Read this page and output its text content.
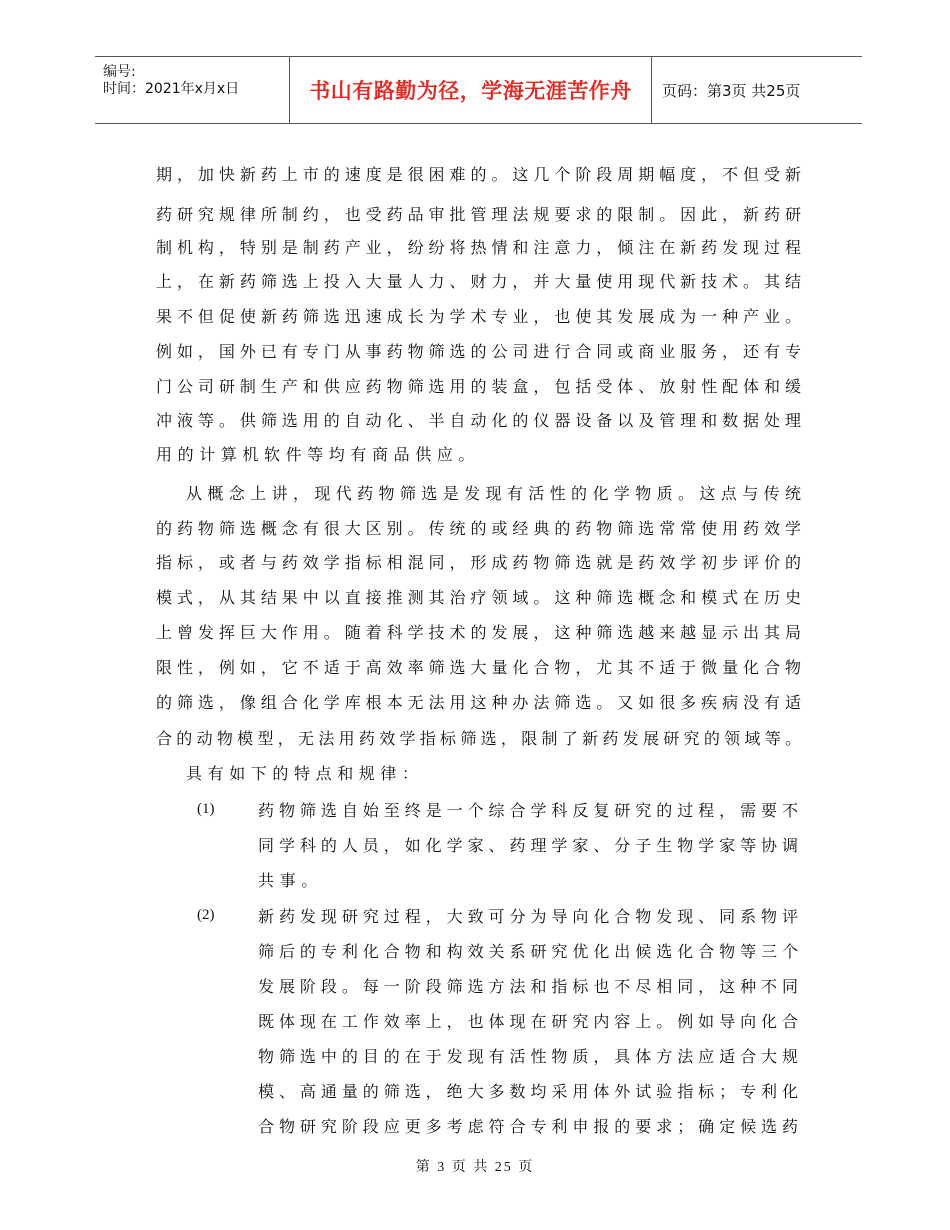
编号:
时间：2021年x月x日	书山有路勤为径，学海无涯苦作舟	页码：第3页 共25页
期，加快新药上市的速度是很困难的。这几个阶段周期幅度，不但受新
药研究规律所制约，也受药品审批管理法规要求的限制。因此，新药研
制机构，特别是制药产业，纷纷将热情和注意力，倾注在新药发现过程
上，在新药筛选上投入大量人力、财力，并大量使用现代新技术。其结
果不但促使新药筛选迅速成长为学术专业，也使其发展成为一种产业。
例如，国外已有专门从事药物筛选的公司进行合同或商业服务，还有专
门公司研制生产和供应药物筛选用的装盒，包括受体、放射性配体和缓
冲液等。供筛选用的自动化、半自动化的仪器设备以及管理和数据处理
用的计算机软件等均有商品供应。
从概念上讲，现代药物筛选是发现有活性的化学物质。这点与传统
的药物筛选概念有很大区别。传统的或经典的药物筛选常常使用药效学
指标，或者与药效学指标相混同，形成药物筛选就是药效学初步评价的
模式，从其结果中以直接推测其治疗领域。这种筛选概念和模式在历史
上曾发挥巨大作用。随着科学技术的发展，这种筛选越来越显示出其局
限性，例如，它不适于高效率筛选大量化合物，尤其不适于微量化合物
的筛选，像组合化学库根本无法用这种办法筛选。又如很多疾病没有适
合的动物模型，无法用药效学指标筛选，限制了新药发展研究的领域等。
具有如下的特点和规律：
(1)	药物筛选自始至终是一个综合学科反复研究的过程，需要不
同学科的人员，如化学家、药理学家、分子生物学家等协调
共事。
(2)	新药发现研究过程，大致可分为导向化合物发现、同系物评
筛后的专利化合物和构效关系研究优化出候选化合物等三个
发展阶段。每一阶段筛选方法和指标也不尽相同，这种不同
既体现在工作效率上，也体现在研究内容上。例如导向化合
物筛选中的目的在于发现有活性物质，具体方法应适合大规
模、高通量的筛选，绝大多数均采用体外试验指标；专利化
合物研究阶段应更多考虑符合专利申报的要求；确定候选药
第 3 页 共 25 页
